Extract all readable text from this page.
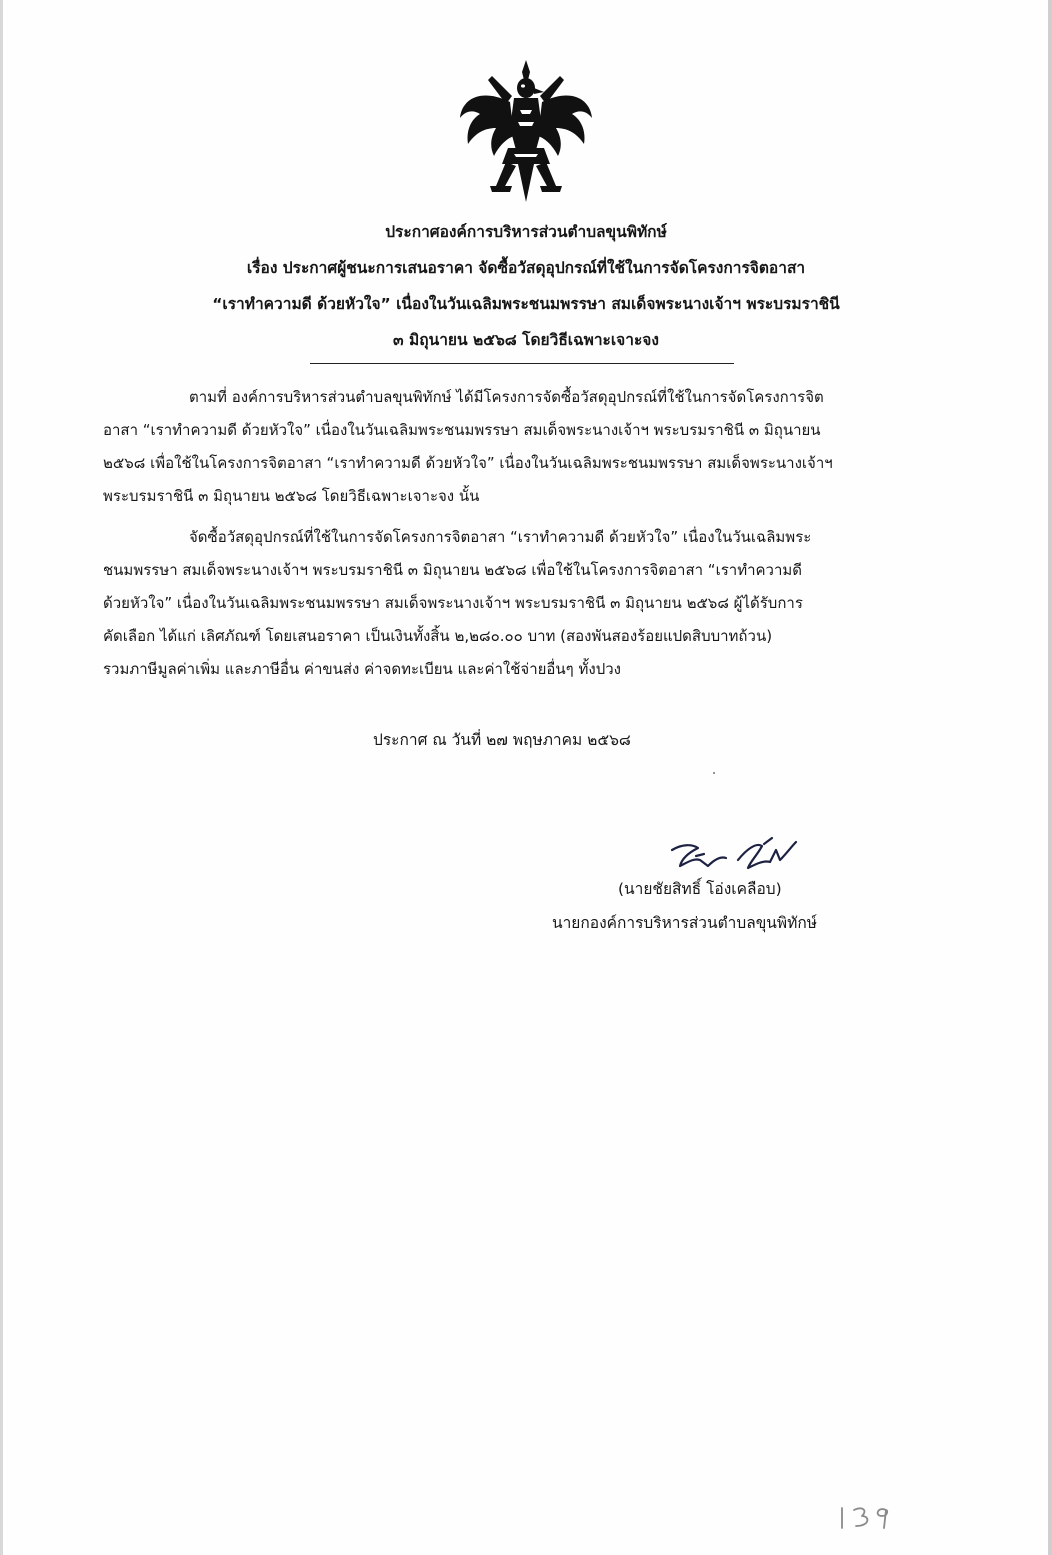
ประกาศองค์การบริหารส่วนตำบลขุนพิทักษ์
เรื่อง ประกาศผู้ชนะการเสนอราคา จัดซื้อวัสดุอุปกรณ์ที่ใช้ในการจัดโครงการจิตอาสา
“เราทำความดี ด้วยหัวใจ” เนื่องในวันเฉลิมพระชนมพรรษา สมเด็จพระนางเจ้าฯ พระบรมราชินี
๓ มิถุนายน ๒๕๖๘ โดยวิธีเฉพาะเจาะจง
ตามที่ องค์การบริหารส่วนตำบลขุนพิทักษ์ ได้มีโครงการจัดซื้อวัสดุอุปกรณ์ที่ใช้ในการจัดโครงการจิต
อาสา “เราทำความดี ด้วยหัวใจ” เนื่องในวันเฉลิมพระชนมพรรษา สมเด็จพระนางเจ้าฯ พระบรมราชินี ๓ มิถุนายน
๒๕๖๘ เพื่อใช้ในโครงการจิตอาสา “เราทำความดี ด้วยหัวใจ” เนื่องในวันเฉลิมพระชนมพรรษา สมเด็จพระนางเจ้าฯ
พระบรมราชินี ๓ มิถุนายน ๒๕๖๘ โดยวิธีเฉพาะเจาะจง นั้น
จัดซื้อวัสดุอุปกรณ์ที่ใช้ในการจัดโครงการจิตอาสา “เราทำความดี ด้วยหัวใจ” เนื่องในวันเฉลิมพระ
ชนมพรรษา สมเด็จพระนางเจ้าฯ พระบรมราชินี ๓ มิถุนายน ๒๕๖๘ เพื่อใช้ในโครงการจิตอาสา “เราทำความดี
ด้วยหัวใจ” เนื่องในวันเฉลิมพระชนมพรรษา สมเด็จพระนางเจ้าฯ พระบรมราชินี ๓ มิถุนายน ๒๕๖๘ ผู้ได้รับการ
คัดเลือก ได้แก่ เลิศภัณฑ์ โดยเสนอราคา เป็นเงินทั้งสิ้น ๒,๒๘๐.๐๐ บาท (สองพันสองร้อยแปดสิบบาทถ้วน)
รวมภาษีมูลค่าเพิ่ม และภาษีอื่น ค่าขนส่ง ค่าจดทะเบียน และค่าใช้จ่ายอื่นๆ ทั้งปวง
ประกาศ ณ วันที่ ๒๗ พฤษภาคม ๒๕๖๘
(นายชัยสิทธิ์ โอ่งเคลือบ)
นายกองค์การบริหารส่วนตำบลขุนพิทักษ์
